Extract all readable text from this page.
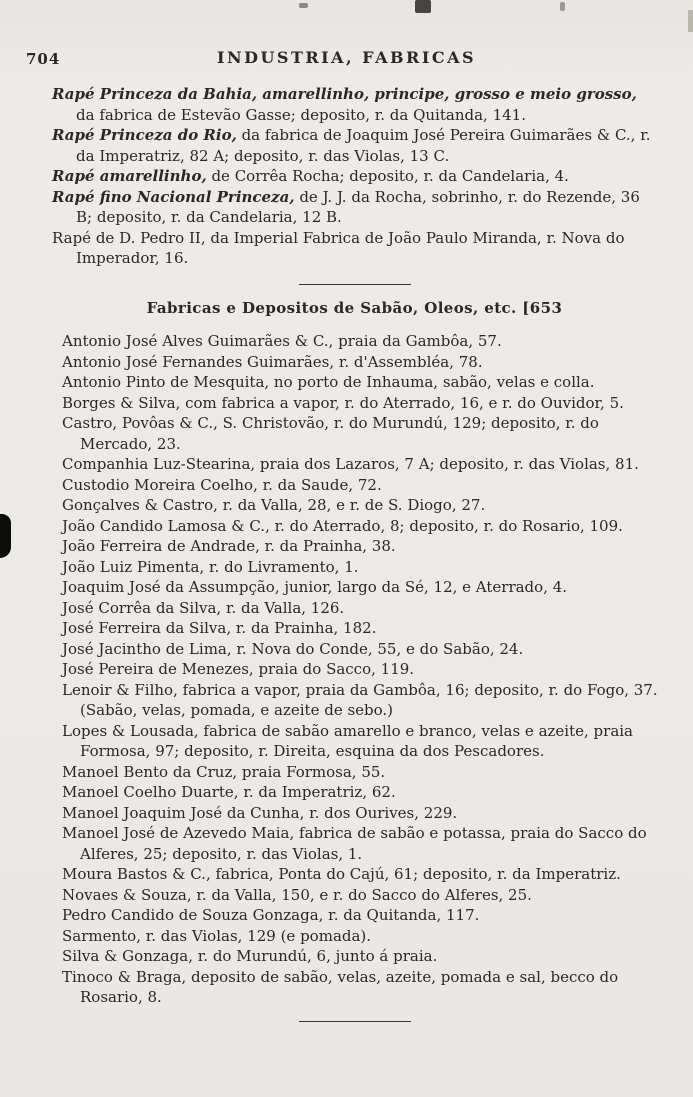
704	INDUSTRIA, FABRICAS

Rapé Princeza da Bahia, amarellinho, principe, grosso e meio grosso, da fabrica de Estevão Gasse; deposito, r. da Quitanda, 141.

Rapé Princeza do Rio, da fabrica de Joaquim José Pereira Guimarães & C., r. da Imperatriz, 82 A; deposito, r. das Violas, 13 C.

Rapé amarellinho, de Corrêa Rocha; deposito, r. da Candelaria, 4.

Rapé fino Nacional Princeza, de J. J. da Rocha, sobrinho, r. do Rezende, 36 B; deposito, r. da Candelaria, 12 B.

Rapé de D. Pedro II, da Imperial Fabrica de João Paulo Miranda, r. Nova do Imperador, 16.

Fabricas e Depositos de Sabão, Oleos, etc. [653

Antonio José Alves Guimarães & C., praia da Gambôa, 57.

Antonio José Fernandes Guimarães, r. d'Assembléa, 78.

Antonio Pinto de Mesquita, no porto de Inhauma, sabão, velas e colla.

Borges & Silva, com fabrica a vapor, r. do Aterrado, 16, e r. do Ouvidor, 5.

Castro, Povôas & C., S. Christovão, r. do Murundú, 129; deposito, r. do Mercado, 23.

Companhia Luz-Stearina, praia dos Lazaros, 7 A; deposito, r. das Violas, 81.

Custodio Moreira Coelho, r. da Saude, 72.

Gonçalves & Castro, r. da Valla, 28, e r. de S. Diogo, 27.

João Candido Lamosa & C., r. do Aterrado, 8; deposito, r. do Rosario, 109.

João Ferreira de Andrade, r. da Prainha, 38.

João Luiz Pimenta, r. do Livramento, 1.

Joaquim José da Assumpção, junior, largo da Sé, 12, e Aterrado, 4.

José Corrêa da Silva, r. da Valla, 126.

José Ferreira da Silva, r. da Prainha, 182.

José Jacintho de Lima, r. Nova do Conde, 55, e do Sabão, 24.

José Pereira de Menezes, praia do Sacco, 119.

Lenoir & Filho, fabrica a vapor, praia da Gambôa, 16; deposito, r. do Fogo, 37. (Sabão, velas, pomada, e azeite de sebo.)

Lopes & Lousada, fabrica de sabão amarello e branco, velas e azeite, praia Formosa, 97; deposito, r. Direita, esquina da dos Pescadores.

Manoel Bento da Cruz, praia Formosa, 55.

Manoel Coelho Duarte, r. da Imperatriz, 62.

Manoel Joaquim José da Cunha, r. dos Ourives, 229.

Manoel José de Azevedo Maia, fabrica de sabão e potassa, praia do Sacco do Alferes, 25; deposito, r. das Violas, 1.

Moura Bastos & C., fabrica, Ponta do Cajú, 61; deposito, r. da Imperatriz.

Novaes & Souza, r. da Valla, 150, e r. do Sacco do Alferes, 25.

Pedro Candido de Souza Gonzaga, r. da Quitanda, 117.

Sarmento, r. das Violas, 129 (e pomada).

Silva & Gonzaga, r. do Murundú, 6, junto á praia.

Tinoco & Braga, deposito de sabão, velas, azeite, pomada e sal, becco do Rosario, 8.
